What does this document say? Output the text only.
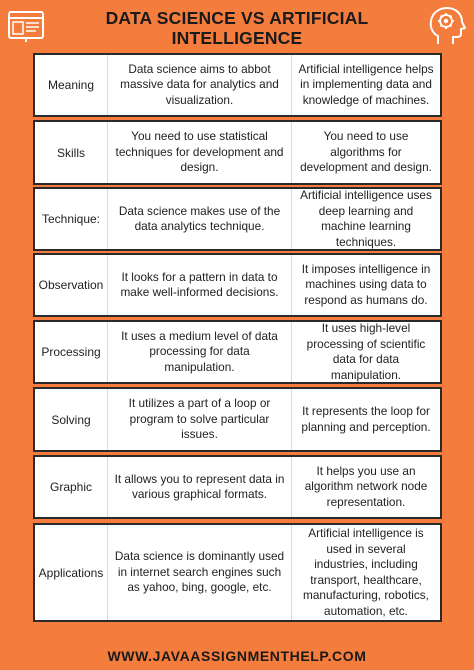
DATA SCIENCE VS ARTIFICIAL
INTELLIGENCE
Meaning
Data science aims to abbot massive data for analytics and visualization.
Artificial intelligence helps in implementing data and knowledge of machines.
Skills
You need to use statistical techniques for development and design.
You need to use algorithms for development and design.
Technique:
Data science makes use of the data analytics technique.
Artificial intelligence uses deep learning and machine learning techniques.
Observation
It looks for a pattern in data to make well-informed decisions.
It imposes intelligence in machines using data to respond as humans do.
Processing
It uses a medium level of data processing for data manipulation.
It uses high-level processing of scientific data for data manipulation.
Solving
It utilizes a part of a loop or program to solve particular issues.
It represents the loop for planning and perception.
Graphic
It allows you to represent data in various graphical formats.
It helps you use an algorithm network node representation.
Applications
Data science is dominantly used in internet search engines such as yahoo, bing, google, etc.
Artificial intelligence is used in several industries, including transport, healthcare, manufacturing, robotics, automation, etc.
WWW.JAVAASSIGNMENTHELP.COM
